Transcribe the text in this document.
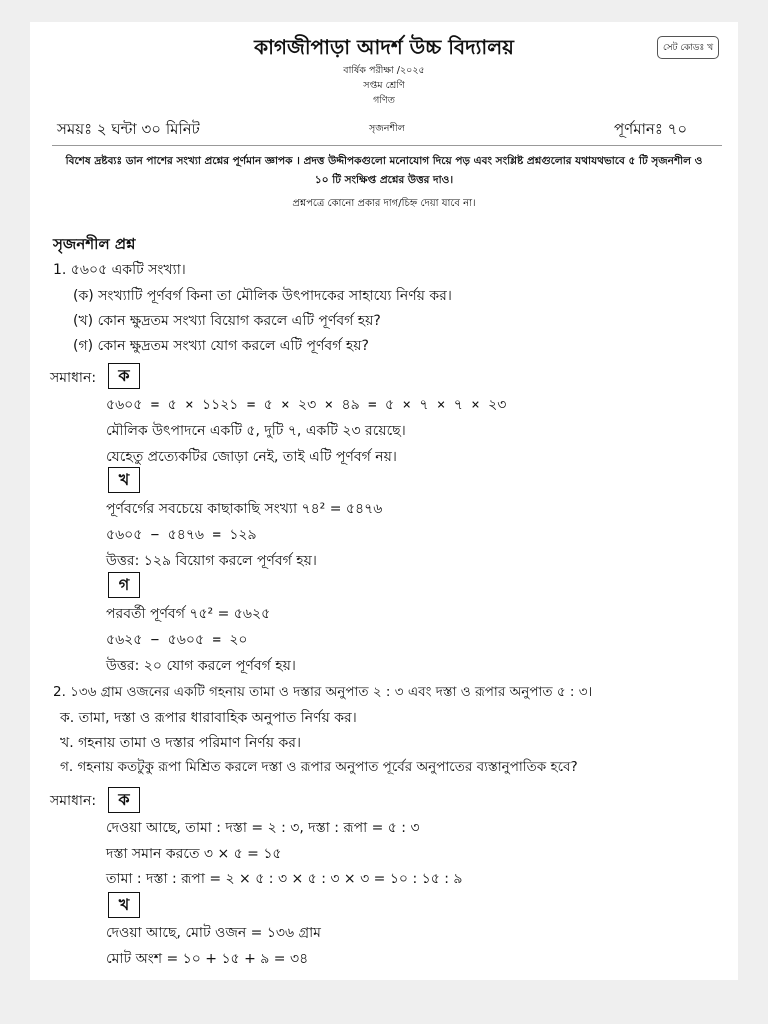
কাগজীপাড়া আদর্শ উচ্চ বিদ্যালয়	সেট কোডঃ খ
বার্ষিক পরীক্ষা /২০২৫
সপ্তম শ্রেণি
গণিত
সময়ঃ ২ ঘন্টা ৩০ মিনিট	সৃজনশীল	পূর্ণমানঃ ৭০
বিশেষ দ্রষ্টব্যঃ ডান পাশের সংখ্যা প্রশ্নের পূর্ণমান জ্ঞাপক । প্রদত্ত উদ্দীপকগুলো মনোযোগ দিয়ে পড় এবং সংশ্লিষ্ট প্রশ্নগুলোর যথাযথভাবে ৫ টি সৃজনশীল ও ১০ টি সংক্ষিপ্ত প্রশ্নের উত্তর দাও।
প্রশ্নপত্রে কোনো প্রকার দাগ/চিহ্ন দেয়া যাবে না।
সৃজনশীল প্রশ্ন
1. ৫৬০৫ একটি সংখ্যা।
(ক) সংখ্যাটি পূর্ণবর্গ কিনা তা মৌলিক উৎপাদকের সাহায্যে নির্ণয় কর।
(খ) কোন ক্ষুদ্রতম সংখ্যা বিয়োগ করলে এটি পূর্ণবর্গ হয়?
(গ) কোন ক্ষুদ্রতম সংখ্যা যোগ করলে এটি পূর্ণবর্গ হয়?
সমাধান:	ক
৫৬০৫ = ৫ × ১১২১ = ৫ × ২৩ × ৪৯ = ৫ × ৭ × ৭ × ২৩
মৌলিক উৎপাদনে একটি ৫, দুটি ৭, একটি ২৩ রয়েছে।
যেহেতু প্রত্যেকটির জোড়া নেই, তাই এটি পূর্ণবর্গ নয়।
খ
পূর্ণবর্গের সবচেয়ে কাছাকাছি সংখ্যা ৭৪² = ৫৪৭৬
৫৬০৫ − ৫৪৭৬ = ১২৯
উত্তর: ১২৯ বিয়োগ করলে পূর্ণবর্গ হয়।
গ
পরবর্তী পূর্ণবর্গ ৭৫² = ৫৬২৫
৫৬২৫ − ৫৬০৫ = ২০
উত্তর: ২০ যোগ করলে পূর্ণবর্গ হয়।
2. ১৩৬ গ্রাম ওজনের একটি গহনায় তামা ও দস্তার অনুপাত ২ : ৩ এবং দস্তা ও রূপার অনুপাত ৫ : ৩।
ক. তামা, দস্তা ও রূপার ধারাবাহিক অনুপাত নির্ণয় কর।
খ. গহনায় তামা ও দস্তার পরিমাণ নির্ণয় কর।
গ. গহনায় কতটুকু রূপা মিশ্রিত করলে দস্তা ও রূপার অনুপাত পূর্বের অনুপাতের ব্যস্তানুপাতিক হবে?
সমাধান:	ক
দেওয়া আছে, তামা : দস্তা = ২ : ৩, দস্তা : রূপা = ৫ : ৩
দস্তা সমান করতে ৩ × ৫ = ১৫
তামা : দস্তা : রূপা = ২ × ৫ : ৩ × ৫ : ৩ × ৩ = ১০ : ১৫ : ৯
খ
দেওয়া আছে, মোট ওজন = ১৩৬ গ্রাম
মোট অংশ = ১০ + ১৫ + ৯ = ৩৪
